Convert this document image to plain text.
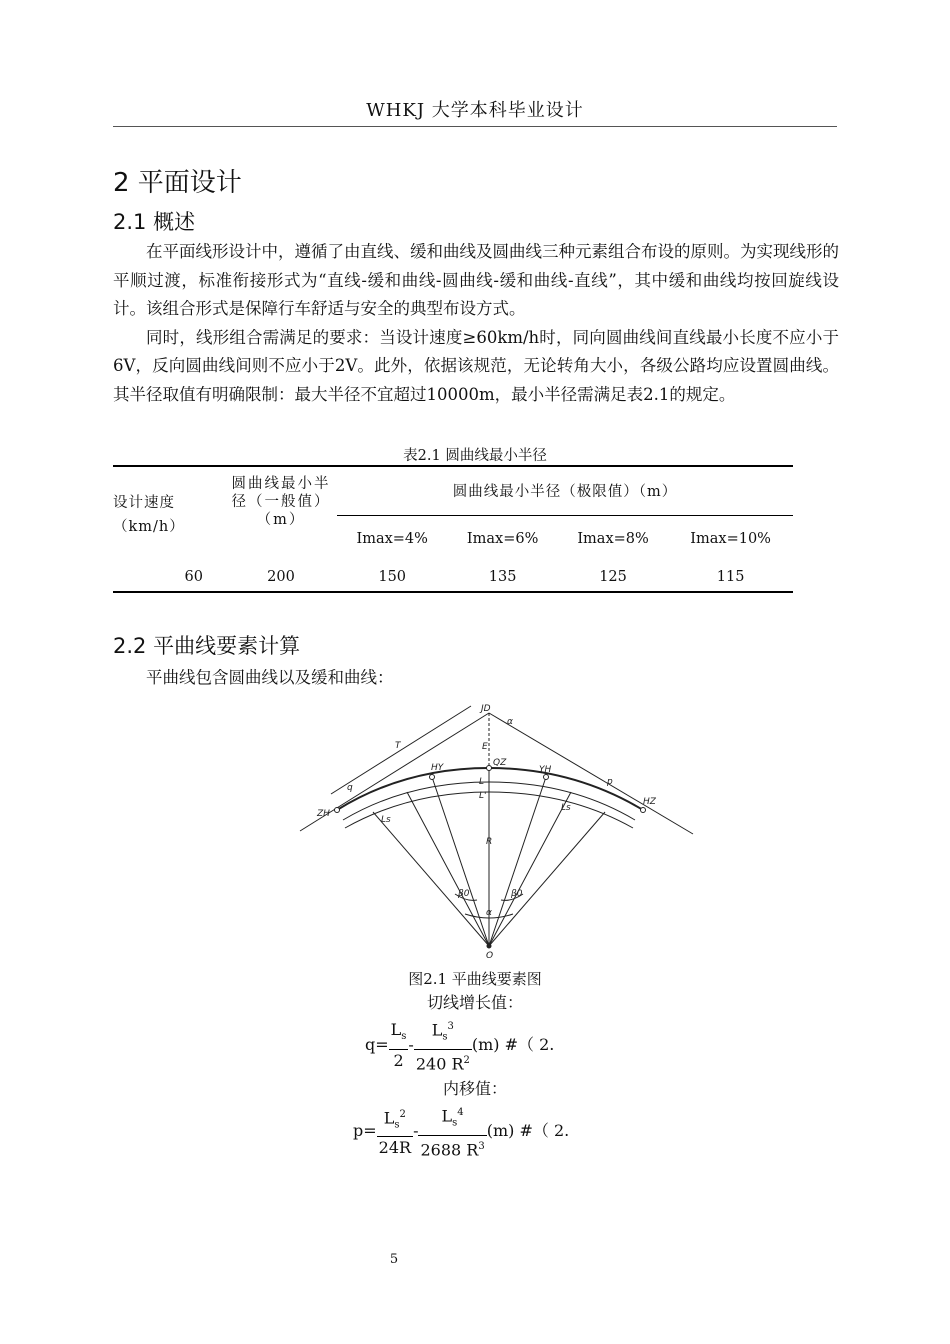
WHKJ 大学本科毕业设计
2 平面设计
2.1 概述

在平面线形设计中，遵循了由直线、缓和曲线及圆曲线三种元素组合布设的原则。为实现线形的平顺过渡，标准衔接形式为“直线-缓和曲线-圆曲线-缓和曲线-直线”，其中缓和曲线均按回旋线设计。该组合形式是保障行车舒适与安全的典型布设方式。

同时，线形组合需满足的要求：当设计速度≥60km/h时，同向圆曲线间直线最小长度不应小于6V，反向圆曲线间则不应小于2V。此外，依据该规范，无论转角大小，各级公路均应设置圆曲线。其半径取值有明确限制：最大半径不宜超过10000m，最小半径需满足表2.1的规定。

表2.1 圆曲线最小半径
设计速度（km/h）	圆曲线最小半径（一般值）（m）	圆曲线最小半径（极限值）（m）			
		Imax=4%	Imax=6%	Imax=8%	Imax=10%
60	200	150	135	125	115
2.2 平曲线要素计算

平曲线包含圆曲线以及缓和曲线：

JD
α
E
QZ
HY	YH
ZH
HZ
T
q
p
L
L'
Ls
Ls
R
β0	β0
α
O
图2.1 平曲线要素图
切线增长值：
$q= \frac{L_s}{2} - \frac{L_s^3}{240 R^2} (m)$ #（ 2.
内移值：
$p= \frac{L_s^2}{24R} - \frac{L_s^4}{2688 R^3} (m)$ #（ 2.
5
